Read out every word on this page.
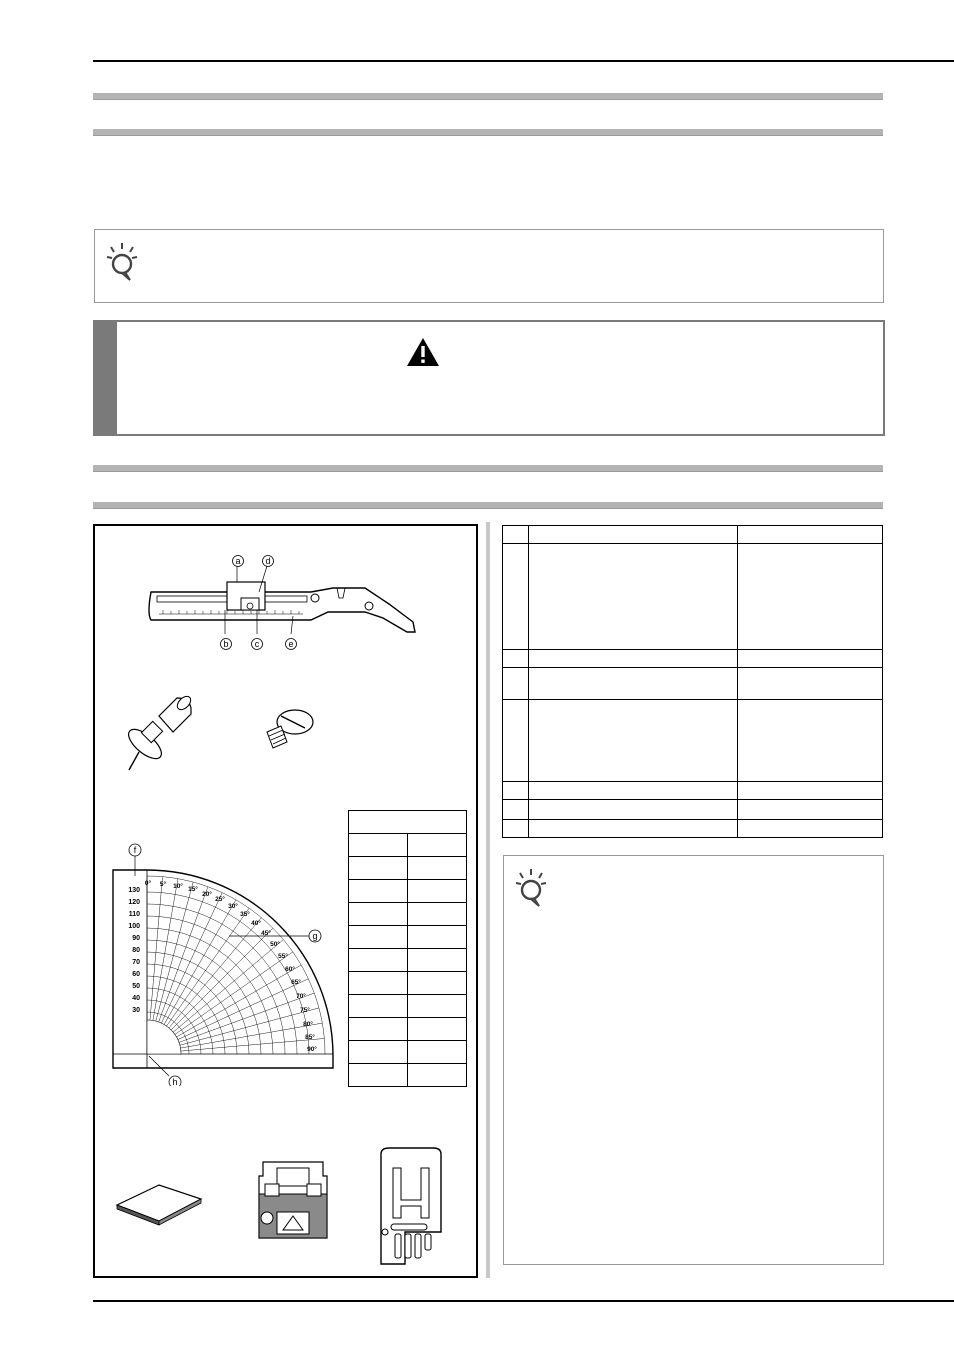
a	d
b	c	e
130
120
110
100
90
80
70
60
50
40
30
0° 5° 10° 15°
20°
25°
30°
35°
40°
45°
50°
55°
60°
65°
70°
75°
80°
85°
90°
f
g
h
